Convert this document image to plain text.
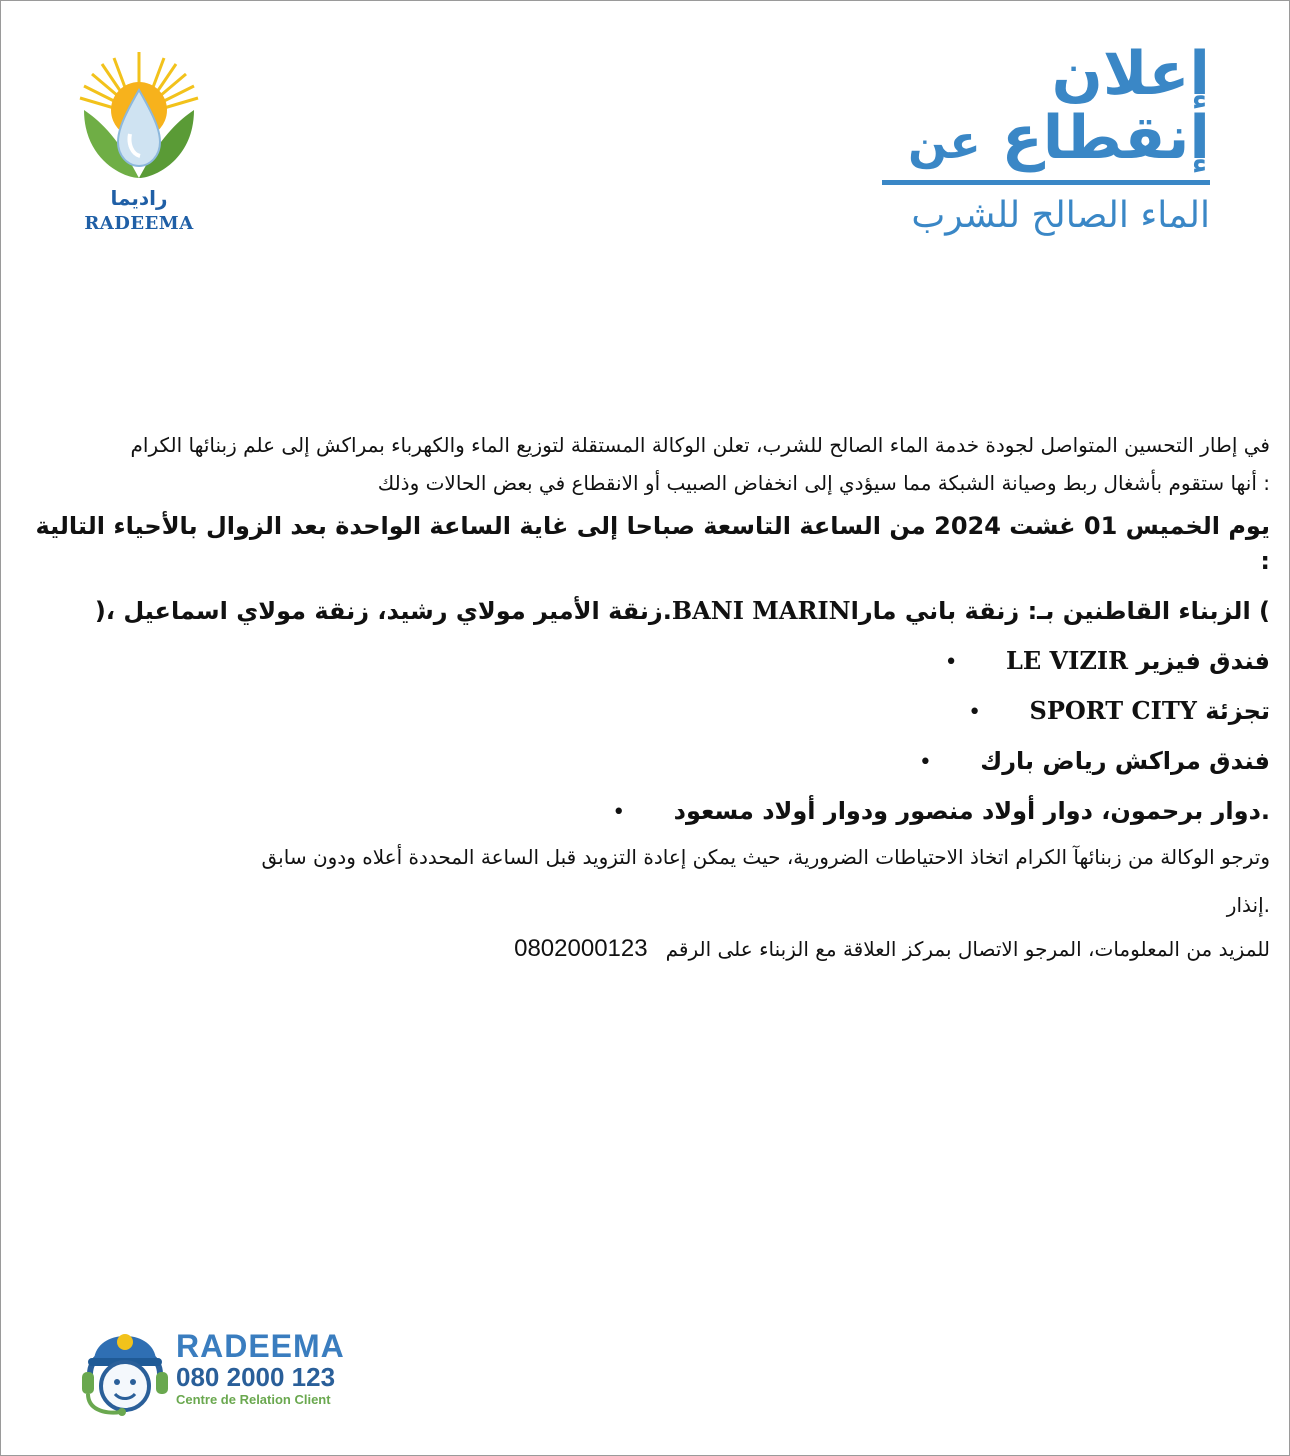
راديما
RADEEMA
إعلان
إنقطاع عن
الماء الصالح للشرب

في إطار التحسين المتواصل لجودة خدمة الماء الصالح للشرب، تعلن الوكالة المستقلة لتوزيع الماء والكهرباء بمراكش إلى علم زبنائها الكرام

: أنها ستقوم بأشغال ربط وصيانة الشبكة مما سيؤدي إلى انخفاض الصبيب أو الانقطاع في بعض الحالات وذلك

يوم الخميس 01 غشت 2024 من الساعة التاسعة صباحا إلى غاية الساعة الواحدة بعد الزوال بالأحياء التالية

:

) الزبناء القاطنين بـ: زنقة باني ماراBANI MARIN.زنقة الأمير مولاي رشيد، زنقة مولاي اسماعيل ،(
فندق فيزير LE VIZIR •
تجزئة SPORT CITY •
فندق مراكش رياض بارك •
.دوار برحمون، دوار أولاد منصور ودوار أولاد مسعود •

وترجو الوكالة من زبنائهآ الكرام اتخاذ الاحتياطات الضرورية، حيث يمكن إعادة التزويد قبل الساعة المحددة أعلاه ودون سابق

.إنذار

للمزيد من المعلومات، المرجو الاتصال بمركز العلاقة مع الزبناء على الرقم0802000123

RADEEMA
080 2000 123
Centre de Relation Client
